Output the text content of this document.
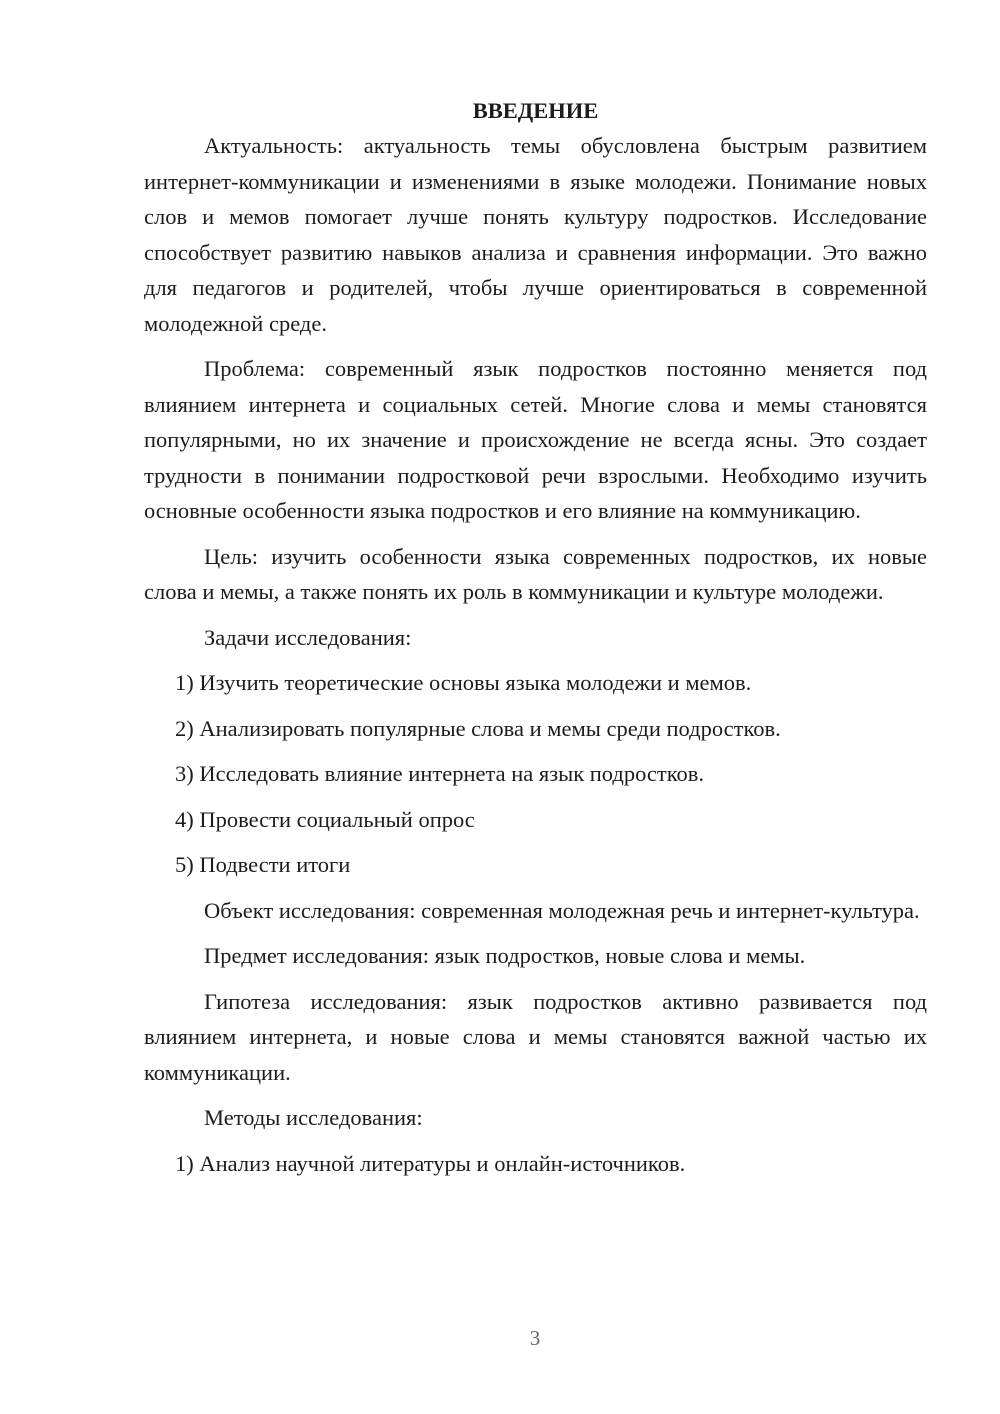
ВВЕДЕНИЕ

Актуальность: актуальность темы обусловлена быстрым развитием интернет-коммуникации и изменениями в языке молодежи. Понимание новых слов и мемов помогает лучше понять культуру подростков. Исследование способствует развитию навыков анализа и сравнения информации. Это важно для педагогов и родителей, чтобы лучше ориентироваться в современной молодежной среде.

Проблема: современный язык подростков постоянно меняется под влиянием интернета и социальных сетей. Многие слова и мемы становятся популярными, но их значение и происхождение не всегда ясны. Это создает трудности в понимании подростковой речи взрослыми. Необходимо изучить основные особенности языка подростков и его влияние на коммуникацию.

Цель: изучить особенности языка современных подростков, их новые слова и мемы, а также понять их роль в коммуникации и культуре молодежи.

Задачи исследования:

1) Изучить теоретические основы языка молодежи и мемов.

2) Анализировать популярные слова и мемы среди подростков.

3) Исследовать влияние интернета на язык подростков.

4) Провести социальный опрос

5) Подвести итоги

Объект исследования: современная молодежная речь и интернет-культура.

Предмет исследования: язык подростков, новые слова и мемы.

Гипотеза исследования: язык подростков активно развивается под влиянием интернета, и новые слова и мемы становятся важной частью их коммуникации.

Методы исследования:

1) Анализ научной литературы и онлайн-источников.

3
